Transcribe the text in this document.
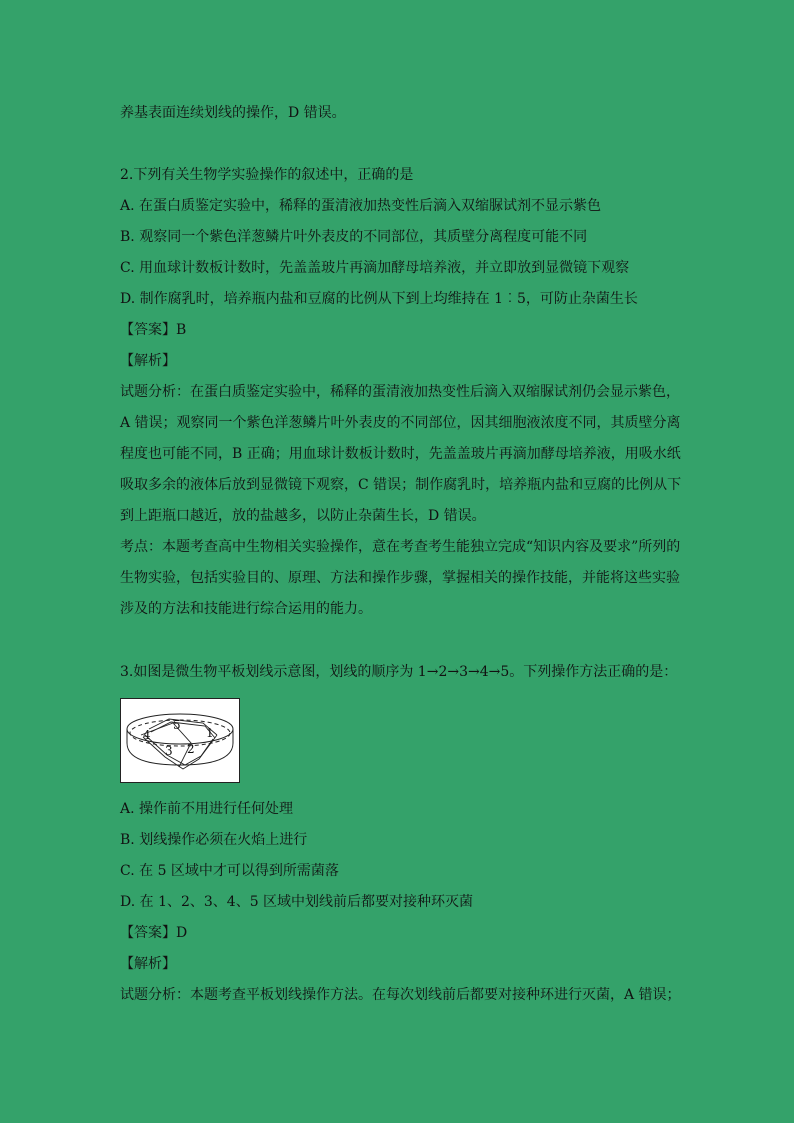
养基表面连续划线的操作，D 错误。
2.下列有关生物学实验操作的叙述中，正确的是
A. 在蛋白质鉴定实验中，稀释的蛋清液加热变性后滴入双缩脲试剂不显示紫色
B. 观察同一个紫色洋葱鳞片叶外表皮的不同部位，其质壁分离程度可能不同
C. 用血球计数板计数时，先盖盖玻片再滴加酵母培养液，并立即放到显微镜下观察
D. 制作腐乳时，培养瓶内盐和豆腐的比例从下到上均维持在 1︰5，可防止杂菌生长
【答案】B
【解析】
试题分析：在蛋白质鉴定实验中，稀释的蛋清液加热变性后滴入双缩脲试剂仍会显示紫色，
A 错误；观察同一个紫色洋葱鳞片叶外表皮的不同部位，因其细胞液浓度不同，其质壁分离
程度也可能不同，B 正确；用血球计数板计数时，先盖盖玻片再滴加酵母培养液，用吸水纸
吸取多余的液体后放到显微镜下观察，C 错误；制作腐乳时，培养瓶内盐和豆腐的比例从下
到上距瓶口越近，放的盐越多，以防止杂菌生长，D 错误。
考点：本题考查高中生物相关实验操作，意在考查考生能独立完成“知识内容及要求”所列的
生物实验，包括实验目的、原理、方法和操作步骤，掌握相关的操作技能，并能将这些实验
涉及的方法和技能进行综合运用的能力。
3.如图是微生物平板划线示意图，划线的顺序为 1→2→3→4→5。下列操作方法正确的是：
1
2
3
4
5
A. 操作前不用进行任何处理
B. 划线操作必须在火焰上进行
C. 在 5 区域中才可以得到所需菌落
D. 在 1、2、3、4、5 区域中划线前后都要对接种环灭菌
【答案】D
【解析】
试题分析：本题考查平板划线操作方法。在每次划线前后都要对接种环进行灭菌，A 错误；
